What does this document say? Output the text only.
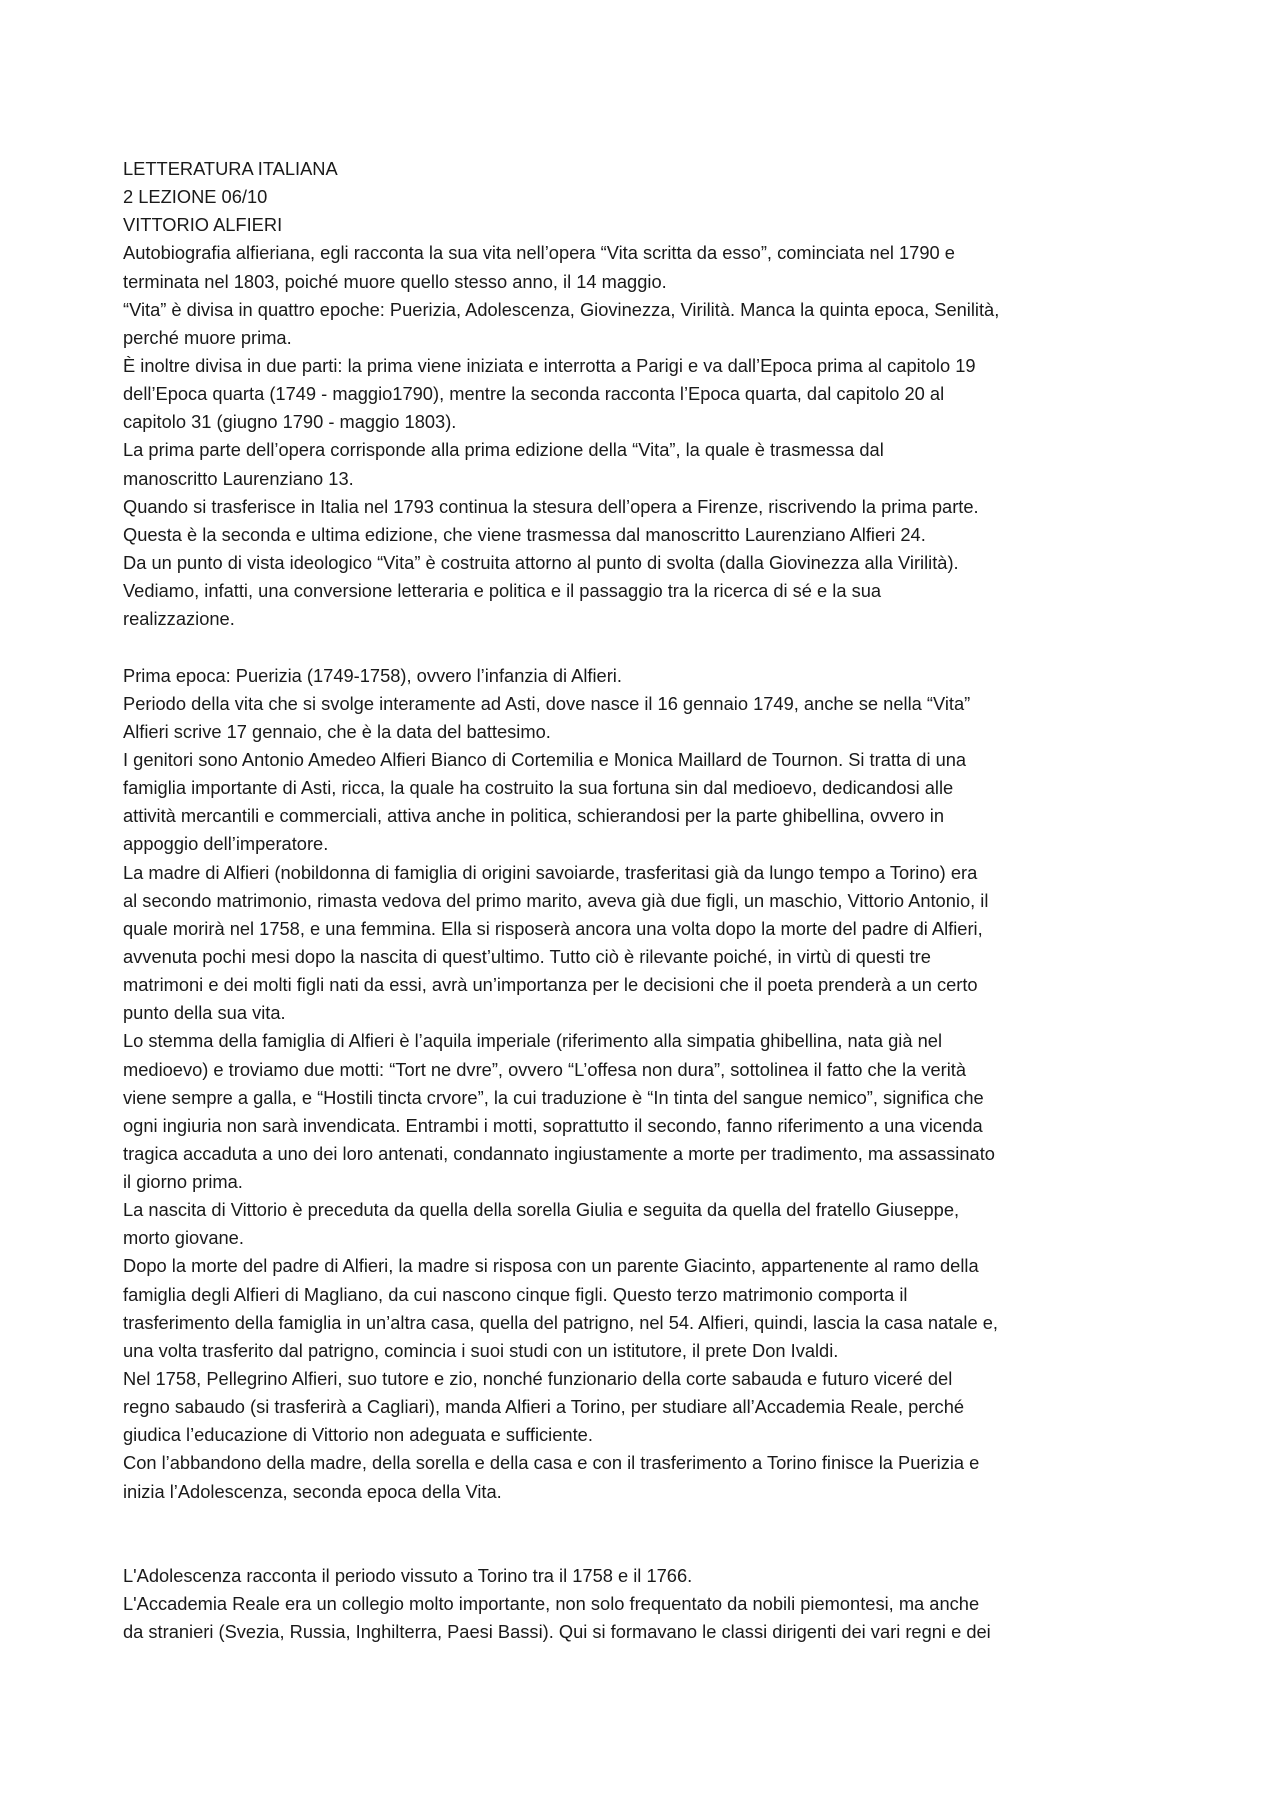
LETTERATURA ITALIANA
2 LEZIONE 06/10
VITTORIO ALFIERI
Autobiografia alfieriana, egli racconta la sua vita nell’opera “Vita scritta da esso”, cominciata nel 1790 e
terminata nel 1803, poiché muore quello stesso anno, il 14 maggio.
“Vita” è divisa in quattro epoche: Puerizia, Adolescenza, Giovinezza, Virilità. Manca la quinta epoca, Senilità,
perché muore prima.
È inoltre divisa in due parti: la prima viene iniziata e interrotta a Parigi e va dall’Epoca prima al capitolo 19
dell’Epoca quarta (1749 - maggio1790), mentre la seconda racconta l’Epoca quarta, dal capitolo 20 al
capitolo 31 (giugno 1790 - maggio 1803).
La prima parte dell’opera corrisponde alla prima edizione della “Vita”, la quale è trasmessa dal
manoscritto Laurenziano 13.
Quando si trasferisce in Italia nel 1793 continua la stesura dell’opera a Firenze, riscrivendo la prima parte.
Questa è la seconda e ultima edizione, che viene trasmessa dal manoscritto Laurenziano Alfieri 24.
Da un punto di vista ideologico “Vita” è costruita attorno al punto di svolta (dalla Giovinezza alla Virilità).
Vediamo, infatti, una conversione letteraria e politica e il passaggio tra la ricerca di sé e la sua
realizzazione.
Prima epoca: Puerizia (1749-1758), ovvero l’infanzia di Alfieri.
Periodo della vita che si svolge interamente ad Asti, dove nasce il 16 gennaio 1749, anche se nella “Vita”
Alfieri scrive 17 gennaio, che è la data del battesimo.
I genitori sono Antonio Amedeo Alfieri Bianco di Cortemilia e Monica Maillard de Tournon. Si tratta di una
famiglia importante di Asti, ricca, la quale ha costruito la sua fortuna sin dal medioevo, dedicandosi alle
attività mercantili e commerciali, attiva anche in politica, schierandosi per la parte ghibellina, ovvero in
appoggio dell’imperatore.
La madre di Alfieri (nobildonna di famiglia di origini savoiarde, trasferitasi già da lungo tempo a Torino) era
al secondo matrimonio, rimasta vedova del primo marito, aveva già due figli, un maschio, Vittorio Antonio, il
quale morirà nel 1758, e una femmina. Ella si risposerà ancora una volta dopo la morte del padre di Alfieri,
avvenuta pochi mesi dopo la nascita di quest’ultimo. Tutto ciò è rilevante poiché, in virtù di questi tre
matrimoni e dei molti figli nati da essi, avrà un’importanza per le decisioni che il poeta prenderà a un certo
punto della sua vita.
Lo stemma della famiglia di Alfieri è l’aquila imperiale (riferimento alla simpatia ghibellina, nata già nel
medioevo) e troviamo due motti: “Tort ne dvre”, ovvero “L’offesa non dura”, sottolinea il fatto che la verità
viene sempre a galla, e “Hostili tincta crvore”, la cui traduzione è “In tinta del sangue nemico”, significa che
ogni ingiuria non sarà invendicata. Entrambi i motti, soprattutto il secondo, fanno riferimento a una vicenda
tragica accaduta a uno dei loro antenati, condannato ingiustamente a morte per tradimento, ma assassinato
il giorno prima.
La nascita di Vittorio è preceduta da quella della sorella Giulia e seguita da quella del fratello Giuseppe,
morto giovane.
Dopo la morte del padre di Alfieri, la madre si risposa con un parente Giacinto, appartenente al ramo della
famiglia degli Alfieri di Magliano, da cui nascono cinque figli. Questo terzo matrimonio comporta il
trasferimento della famiglia in un’altra casa, quella del patrigno, nel 54. Alfieri, quindi, lascia la casa natale e,
una volta trasferito dal patrigno, comincia i suoi studi con un istitutore, il prete Don Ivaldi.
Nel 1758, Pellegrino Alfieri, suo tutore e zio, nonché funzionario della corte sabauda e futuro viceré del
regno sabaudo (si trasferirà a Cagliari), manda Alfieri a Torino, per studiare all’Accademia Reale, perché
giudica l’educazione di Vittorio non adeguata e sufficiente.
Con l’abbandono della madre, della sorella e della casa e con il trasferimento a Torino finisce la Puerizia e
inizia l’Adolescenza, seconda epoca della Vita.
L'Adolescenza racconta il periodo vissuto a Torino tra il 1758 e il 1766.
L'Accademia Reale era un collegio molto importante, non solo frequentato da nobili piemontesi, ma anche
da stranieri (Svezia, Russia, Inghilterra, Paesi Bassi). Qui si formavano le classi dirigenti dei vari regni e dei
